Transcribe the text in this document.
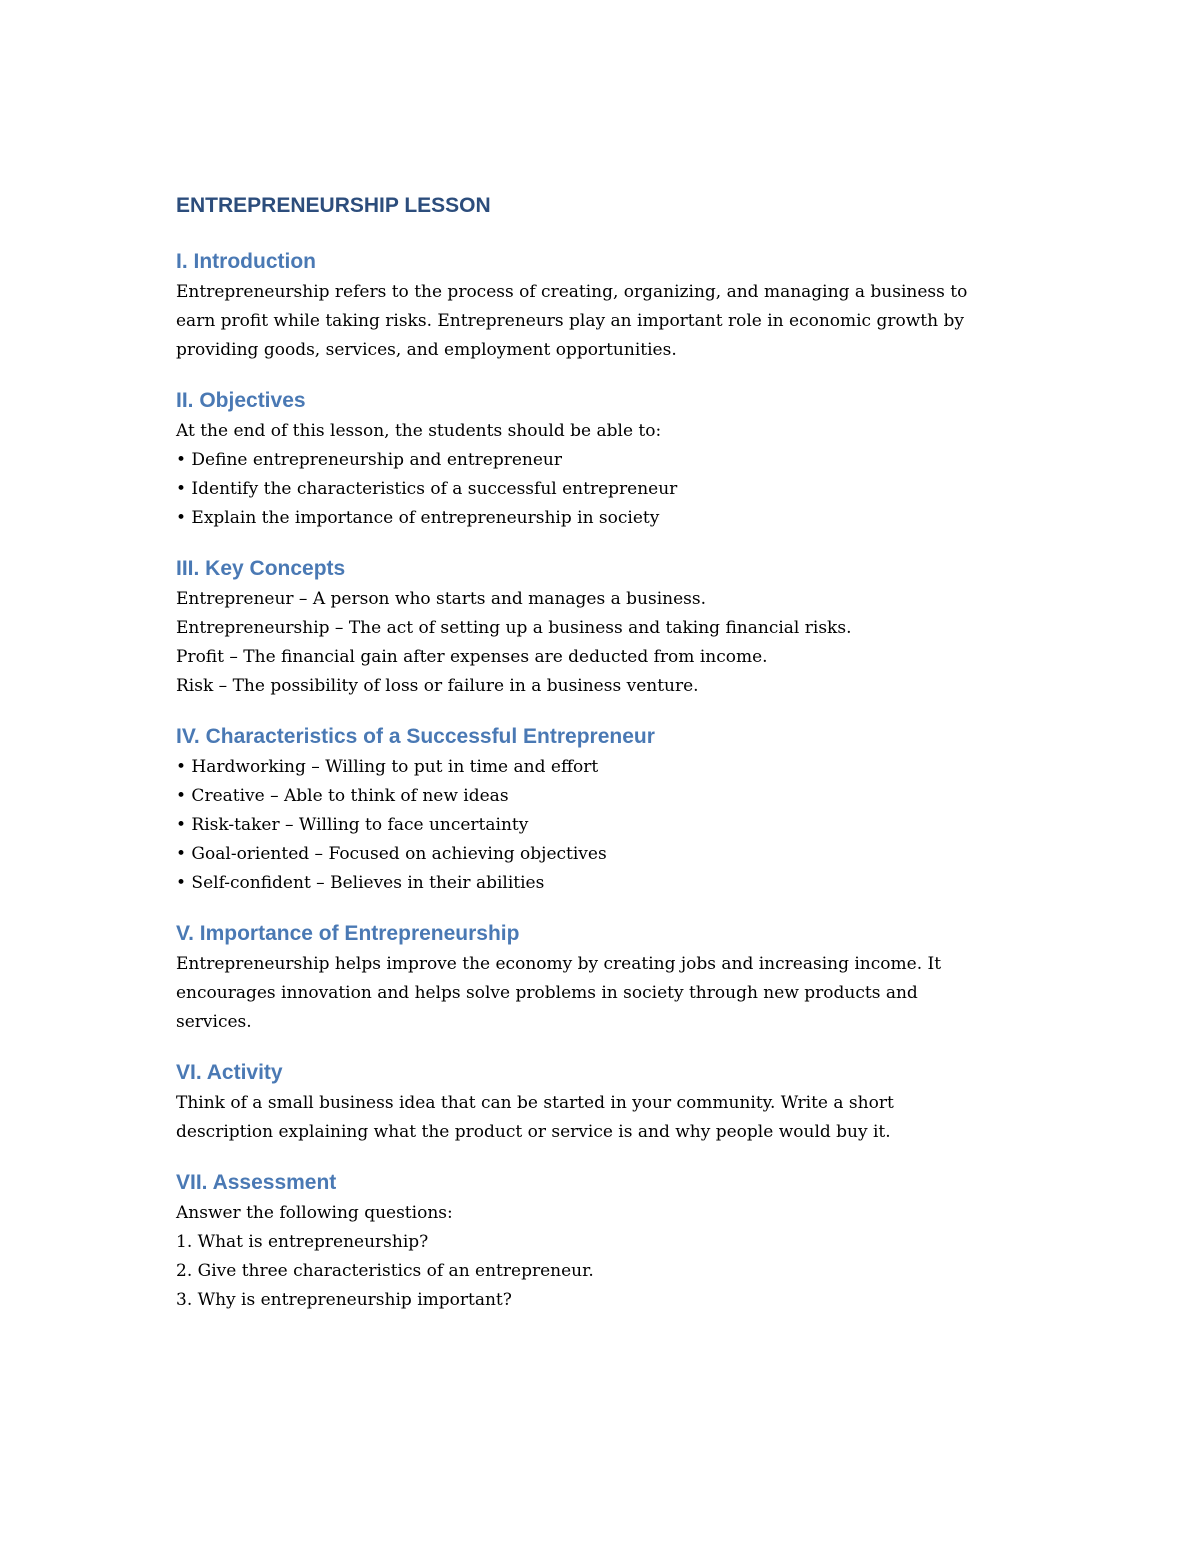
ENTREPRENEURSHIP LESSON
I. Introduction
Entrepreneurship refers to the process of creating, organizing, and managing a business to
earn profit while taking risks. Entrepreneurs play an important role in economic growth by
providing goods, services, and employment opportunities.
II. Objectives
At the end of this lesson, the students should be able to:
• Define entrepreneurship and entrepreneur
• Identify the characteristics of a successful entrepreneur
• Explain the importance of entrepreneurship in society
III. Key Concepts
Entrepreneur – A person who starts and manages a business.
Entrepreneurship – The act of setting up a business and taking financial risks.
Profit – The financial gain after expenses are deducted from income.
Risk – The possibility of loss or failure in a business venture.
IV. Characteristics of a Successful Entrepreneur
• Hardworking – Willing to put in time and effort
• Creative – Able to think of new ideas
• Risk-taker – Willing to face uncertainty
• Goal-oriented – Focused on achieving objectives
• Self-confident – Believes in their abilities
V. Importance of Entrepreneurship
Entrepreneurship helps improve the economy by creating jobs and increasing income. It
encourages innovation and helps solve problems in society through new products and
services.
VI. Activity
Think of a small business idea that can be started in your community. Write a short
description explaining what the product or service is and why people would buy it.
VII. Assessment
Answer the following questions:
1. What is entrepreneurship?
2. Give three characteristics of an entrepreneur.
3. Why is entrepreneurship important?
